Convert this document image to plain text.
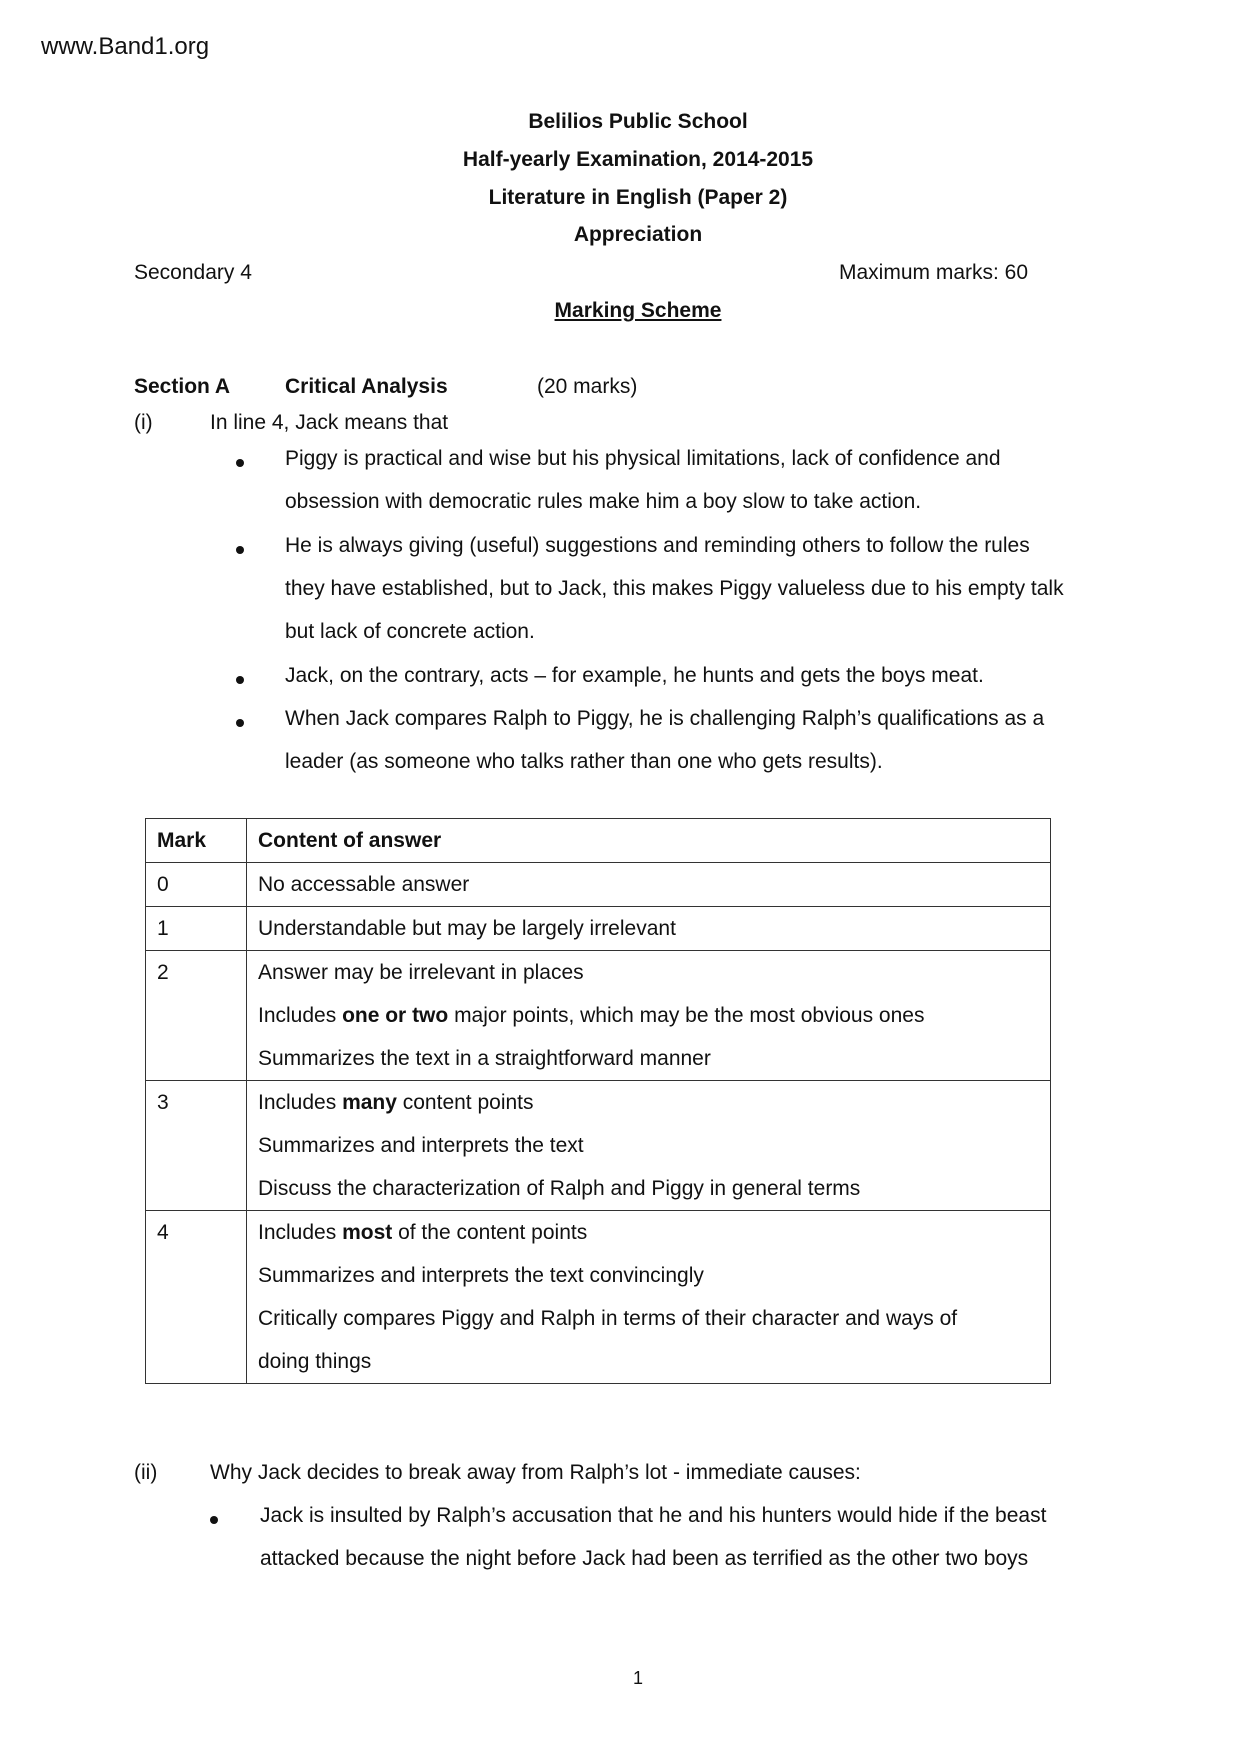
www.Band1.org
Belilios Public School
Half-yearly Examination, 2014-2015
Literature in English (Paper 2)
Appreciation
Secondary 4	Maximum marks: 60
Marking Scheme
Section A	Critical Analysis	(20 marks)
(i)	In line 4, Jack means that
Piggy is practical and wise but his physical limitations, lack of confidence and
obsession with democratic rules make him a boy slow to take action.
He is always giving (useful) suggestions and reminding others to follow the rules
they have established, but to Jack, this makes Piggy valueless due to his empty talk
but lack of concrete action.
Jack, on the contrary, acts – for example, he hunts and gets the boys meat.
When Jack compares Ralph to Piggy, he is challenging Ralph’s qualifications as a
leader (as someone who talks rather than one who gets results).
Mark	Content of answer
0	No accessable answer

1	Understandable but may be largely irrelevant

2	Answer may be irrelevant in places
Includes one or two major points, which may be the most obvious ones
Summarizes the text in a straightforward manner

3	Includes many content points
Summarizes and interprets the text
Discuss the characterization of Ralph and Piggy in general terms

4	Includes most of the content points
Summarizes and interprets the text convincingly
Critically compares Piggy and Ralph in terms of their character and ways of
doing things
(ii)	Why Jack decides to break away from Ralph’s lot - immediate causes:
Jack is insulted by Ralph’s accusation that he and his hunters would hide if the beast
attacked because the night before Jack had been as terrified as the other two boys
1
